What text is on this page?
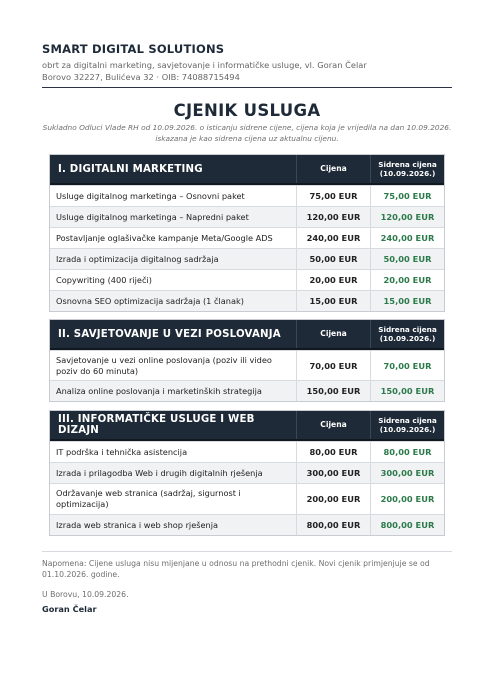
SMART DIGITAL SOLUTIONS
obrt za digitalni marketing, savjetovanje i informatičke usluge, vl. Goran Čelar
Borovo 32227, Bulićeva 32 · OIB: 74088715494
CJENIK USLUGA
Sukladno Odluci Vlade RH od 10.09.2026. o isticanju sidrene cijene, cijena koja je vrijedila na dan 10.09.2026.
iskazana je kao sidrena cijena uz aktualnu cijenu.
I. DIGITALNI MARKETING	Cijena	Sidrena cijena
(10.09.2026.)
Usluge digitalnog marketinga – Osnovni paket	75,00 EUR	75,00 EUR
Usluge digitalnog marketinga – Napredni paket	120,00 EUR	120,00 EUR
Postavljanje oglašivačke kampanje Meta/Google ADS	240,00 EUR	240,00 EUR
Izrada i optimizacija digitalnog sadržaja	50,00 EUR	50,00 EUR
Copywriting (400 riječi)	20,00 EUR	20,00 EUR
Osnovna SEO optimizacija sadržaja (1 članak)	15,00 EUR	15,00 EUR
II. SAVJETOVANJE U VEZI POSLOVANJA	Cijena	Sidrena cijena
(10.09.2026.)
Savjetovanje u vezi online poslovanja (poziv ili video poziv do 60 minuta)	70,00 EUR	70,00 EUR
Analiza online poslovanja i marketinških strategija	150,00 EUR	150,00 EUR
III. INFORMATIČKE USLUGE I WEB DIZAJN
Cijena	Sidrena cijena
(10.09.2026.)
IT podrška i tehnička asistencija	80,00 EUR	80,00 EUR
Izrada i prilagodba Web i drugih digitalnih rješenja	300,00 EUR	300,00 EUR
Održavanje web stranica (sadržaj, sigurnost i optimizacija)	200,00 EUR	200,00 EUR
Izrada web stranica i web shop rješenja	800,00 EUR	800,00 EUR
Napomena: Cijene usluga nisu mijenjane u odnosu na prethodni cjenik. Novi cjenik primjenjuje se od 01.10.2026. godine.
U Borovu, 10.09.2026.
Goran Čelar
